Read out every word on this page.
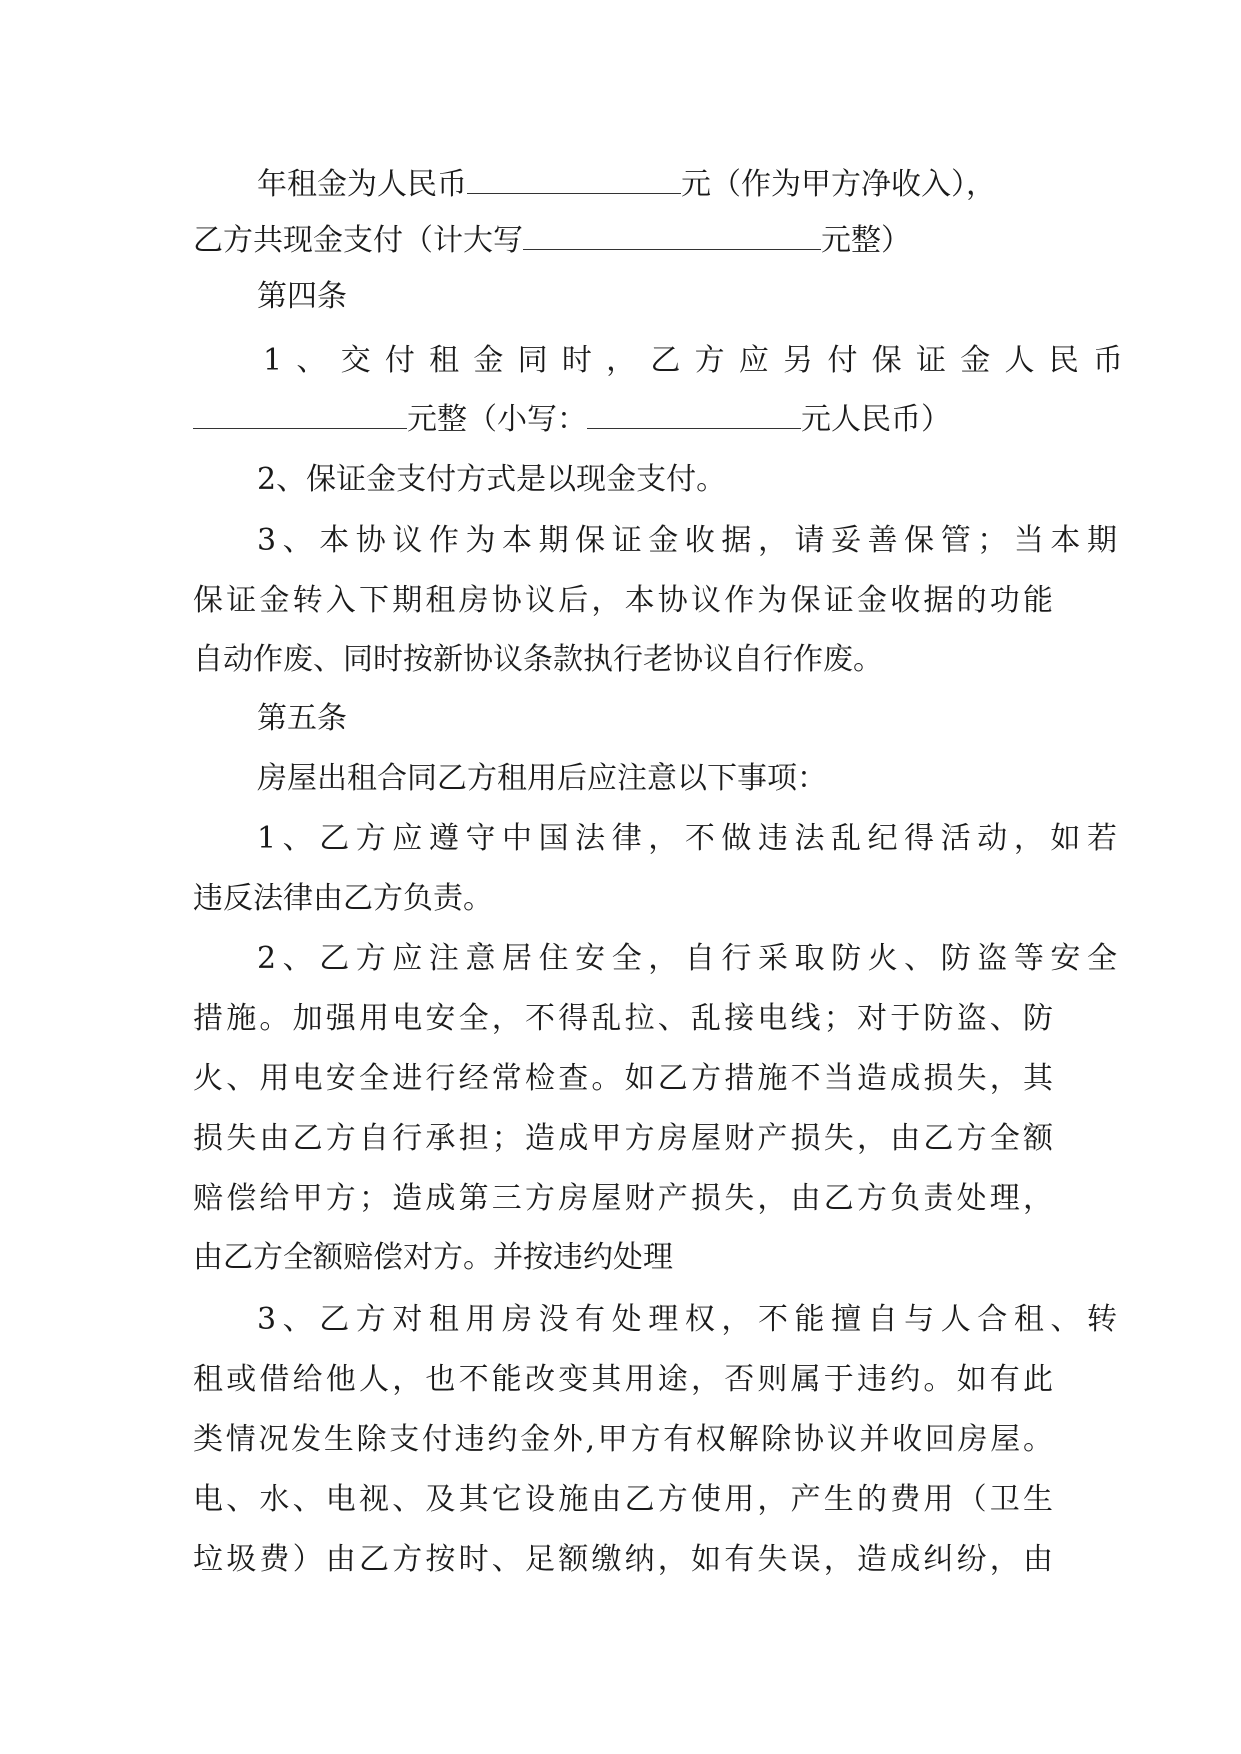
年租金为人民币	元（作为甲方净收入），
乙方共现金支付（计大写	元整）
第四条
1、交付租金同时，乙方应另付保证金人民币
元整（小写：	元人民币）
2、保证金支付方式是以现金支付。
3、本协议作为本期保证金收据，请妥善保管；当本期
保证金转入下期租房协议后，本协议作为保证金收据的功能
自动作废、同时按新协议条款执行老协议自行作废。
第五条
房屋出租合同乙方租用后应注意以下事项：
1、乙方应遵守中国法律，不做违法乱纪得活动，如若
违反法律由乙方负责。
2、乙方应注意居住安全，自行采取防火、防盗等安全
措施。加强用电安全，不得乱拉、乱接电线；对于防盗、防
火、用电安全进行经常检查。如乙方措施不当造成损失，其
损失由乙方自行承担；造成甲方房屋财产损失，由乙方全额
赔偿给甲方；造成第三方房屋财产损失，由乙方负责处理，
由乙方全额赔偿对方。并按违约处理
3、乙方对租用房没有处理权，不能擅自与人合租、转
租或借给他人，也不能改变其用途，否则属于违约。如有此
类情况发生除支付违约金外,甲方有权解除协议并收回房屋。
电、水、电视、及其它设施由乙方使用，产生的费用（卫生
垃圾费）由乙方按时、足额缴纳，如有失误，造成纠纷，由
